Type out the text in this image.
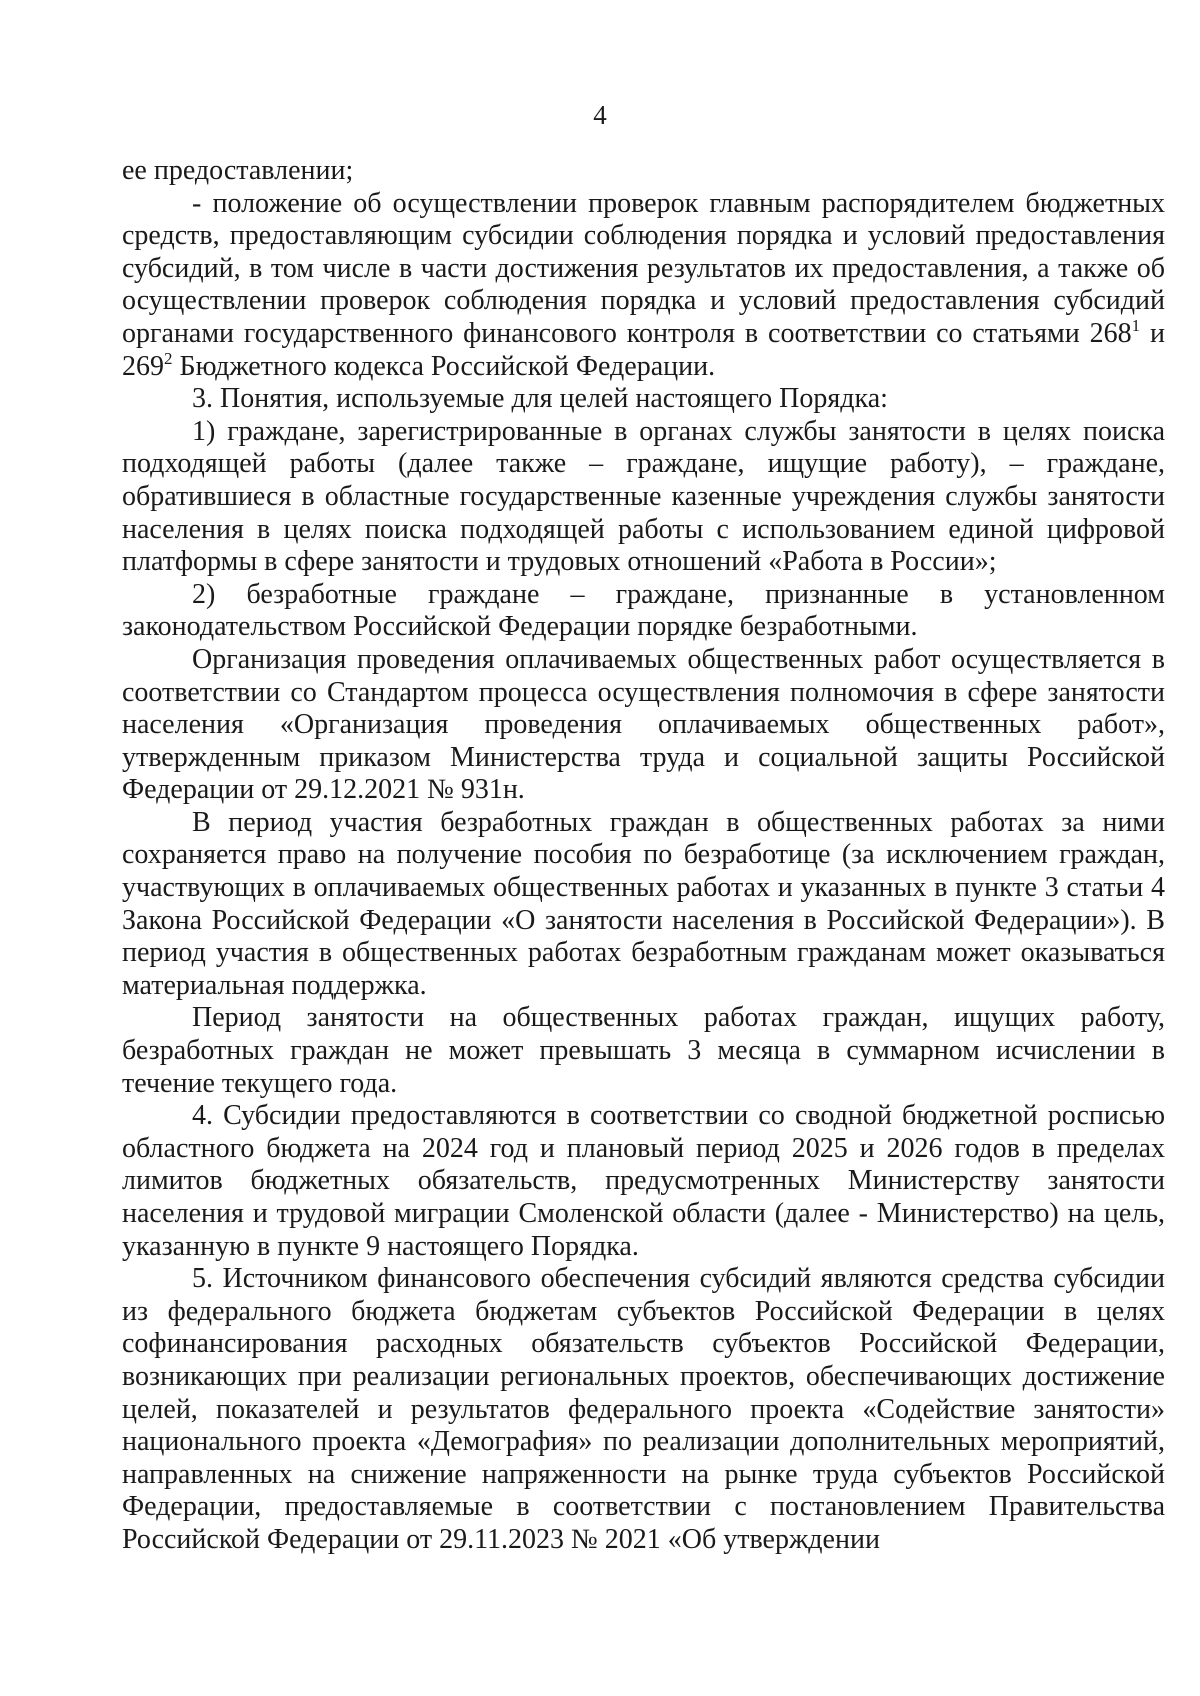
4

ее предоставлении;

- положение об осуществлении проверок главным распорядителем бюджетных средств, предоставляющим субсидии соблюдения порядка и условий предоставления субсидий, в том числе в части достижения результатов их предоставления, а также об осуществлении проверок соблюдения порядка и условий предоставления субсидий органами государственного финансового контроля в соответствии со статьями $268^1$ и $269^2$ Бюджетного кодекса Российской Федерации.

3. Понятия, используемые для целей настоящего Порядка:

1) граждане, зарегистрированные в органах службы занятости в целях поиска подходящей работы (далее также – граждане, ищущие работу), – граждане, обратившиеся в областные государственные казенные учреждения службы занятости населения в целях поиска подходящей работы с использованием единой цифровой платформы в сфере занятости и трудовых отношений «Работа в России»;

2) безработные граждане – граждане, признанные в установленном законодательством Российской Федерации порядке безработными.

Организация проведения оплачиваемых общественных работ осуществляется в соответствии со Стандартом процесса осуществления полномочия в сфере занятости населения «Организация проведения оплачиваемых общественных работ», утвержденным приказом Министерства труда и социальной защиты Российской Федерации от 29.12.2021 № 931н.

В период участия безработных граждан в общественных работах за ними сохраняется право на получение пособия по безработице (за исключением граждан, участвующих в оплачиваемых общественных работах и указанных в пункте 3 статьи 4 Закона Российской Федерации «О занятости населения в Российской Федерации»). В период участия в общественных работах безработным гражданам может оказываться материальная поддержка.

Период занятости на общественных работах граждан, ищущих работу, безработных граждан не может превышать 3 месяца в суммарном исчислении в течение текущего года.

4. Субсидии предоставляются в соответствии со сводной бюджетной росписью областного бюджета на 2024 год и плановый период 2025 и 2026 годов в пределах лимитов бюджетных обязательств, предусмотренных Министерству занятости населения и трудовой миграции Смоленской области (далее - Министерство) на цель, указанную в пункте 9 настоящего Порядка.

5. Источником финансового обеспечения субсидий являются средства субсидии из федерального бюджета бюджетам субъектов Российской Федерации в целях софинансирования расходных обязательств субъектов Российской Федерации, возникающих при реализации региональных проектов, обеспечивающих достижение целей, показателей и результатов федерального проекта «Содействие занятости» национального проекта «Демография» по реализации дополнительных мероприятий, направленных на снижение напряженности на рынке труда субъектов Российской Федерации, предоставляемые в соответствии с постановлением Правительства Российской Федерации от 29.11.2023 № 2021 «Об утверждении
